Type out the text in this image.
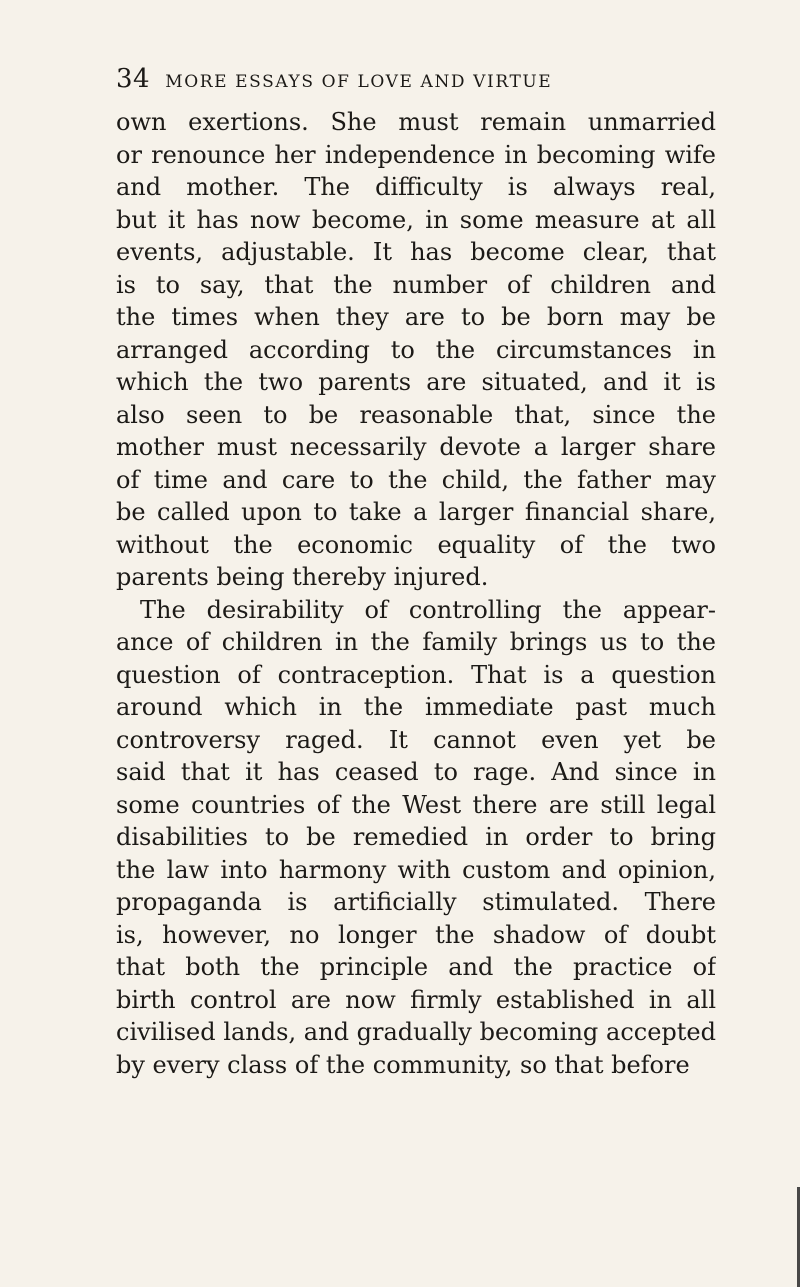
34 MORE ESSAYS OF LOVE AND VIRTUE
own exertions. She must remain unmarried
or renounce her independence in becoming wife
and mother. The difficulty is always real,
but it has now become, in some measure at all
events, adjustable. It has become clear, that
is to say, that the number of children and
the times when they are to be born may be
arranged according to the circumstances in
which the two parents are situated, and it is
also seen to be reasonable that, since the
mother must necessarily devote a larger share
of time and care to the child, the father may
be called upon to take a larger financial share,
without the economic equality of the two
parents being thereby injured.
The desirability of controlling the appear-
ance of children in the family brings us to the
question of contraception. That is a question
around which in the immediate past much
controversy raged. It cannot even yet be
said that it has ceased to rage. And since in
some countries of the West there are still legal
disabilities to be remedied in order to bring
the law into harmony with custom and opinion,
propaganda is artificially stimulated. There
is, however, no longer the shadow of doubt
that both the principle and the practice of
birth control are now firmly established in all
civilised lands, and gradually becoming accepted
by every class of the community, so that before
